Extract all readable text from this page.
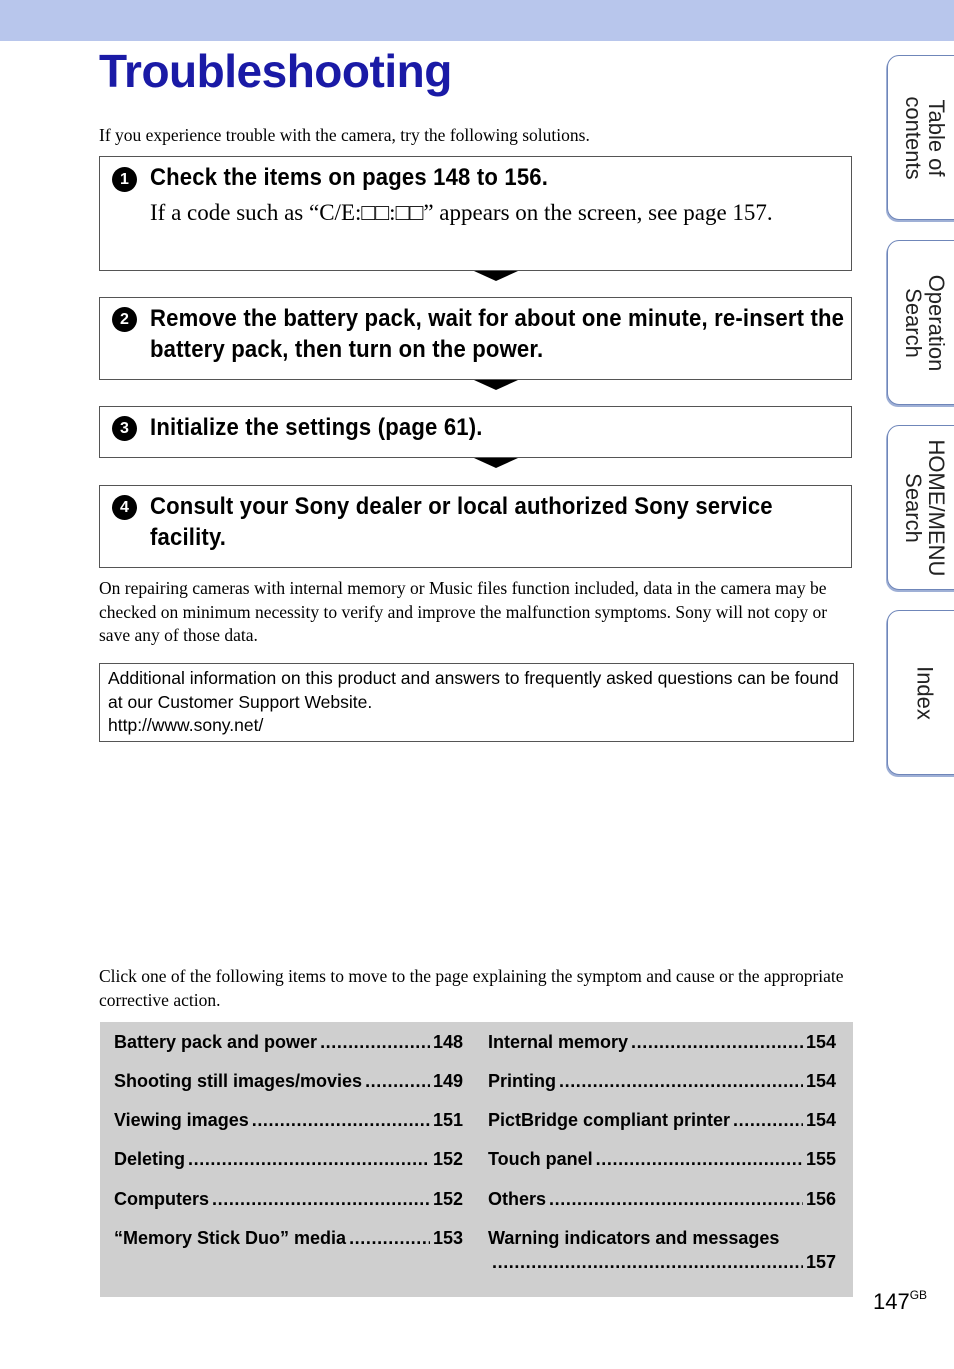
Troubleshooting
If you experience trouble with the camera, try the following solutions.
1 Check the items on pages 148 to 156.
If a code such as “C/E:□□:□□” appears on the screen, see page 157.
2 Remove the battery pack, wait for about one minute, re-insert the battery pack, then turn on the power.
3 Initialize the settings (page 61).
4 Consult your Sony dealer or local authorized Sony service facility.
On repairing cameras with internal memory or Music files function included, data in the camera may be checked on minimum necessity to verify and improve the malfunction symptoms. Sony will not copy or save any of those data.
Additional information on this product and answers to frequently asked questions can be found at our Customer Support Website.
http://www.sony.net/
Click one of the following items to move to the page explaining the symptom and cause or the appropriate corrective action.
Battery pack and power . . .	148
Shooting still images/movies . . .	149
Viewing images . . .	151
Deleting . . .	152
Computers . . .	152
“Memory Stick Duo” media . . .	153
Internal memory . . .	154
Printing . . .	154
PictBridge compliant printer . . .	154
Touch panel . . .	155
Others . . .	156
Warning indicators and messages
. . .
157
Table of
contents
Operation
Search
HOME/MENU
Search
Index
$147^{GB}$
